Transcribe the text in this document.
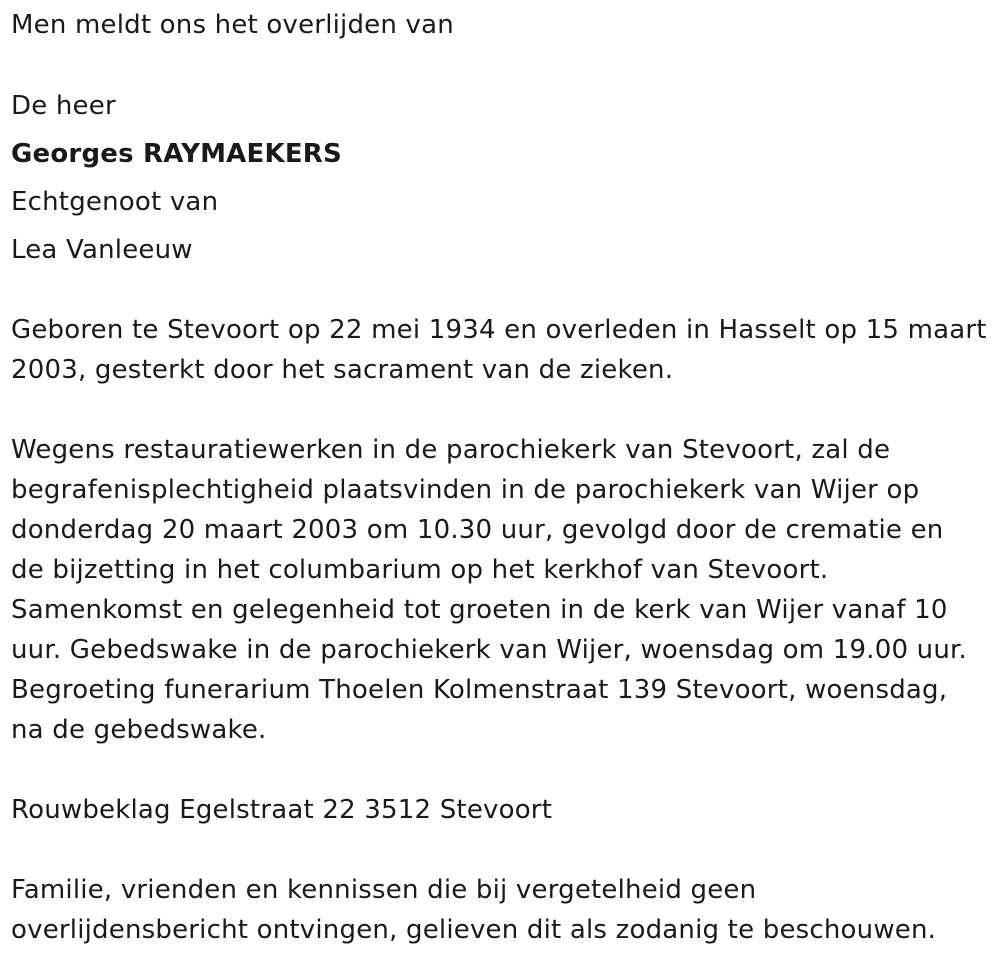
Men meldt ons het overlijden van
De heer
Georges RAYMAEKERS
Echtgenoot van
Lea Vanleeuw
Geboren te Stevoort op 22 mei 1934 en overleden in Hasselt op 15 maart
2003, gesterkt door het sacrament van de zieken.
Wegens restauratiewerken in de parochiekerk van Stevoort, zal de
begrafenisplechtigheid plaatsvinden in de parochiekerk van Wijer op
donderdag 20 maart 2003 om 10.30 uur, gevolgd door de crematie en
de bijzetting in het columbarium op het kerkhof van Stevoort.
Samenkomst en gelegenheid tot groeten in de kerk van Wijer vanaf 10
uur. Gebedswake in de parochiekerk van Wijer, woensdag om 19.00 uur.
Begroeting funerarium Thoelen Kolmenstraat 139 Stevoort, woensdag,
na de gebedswake.
Rouwbeklag Egelstraat 22 3512 Stevoort
Familie, vrienden en kennissen die bij vergetelheid geen
overlijdensbericht ontvingen, gelieven dit als zodanig te beschouwen.
